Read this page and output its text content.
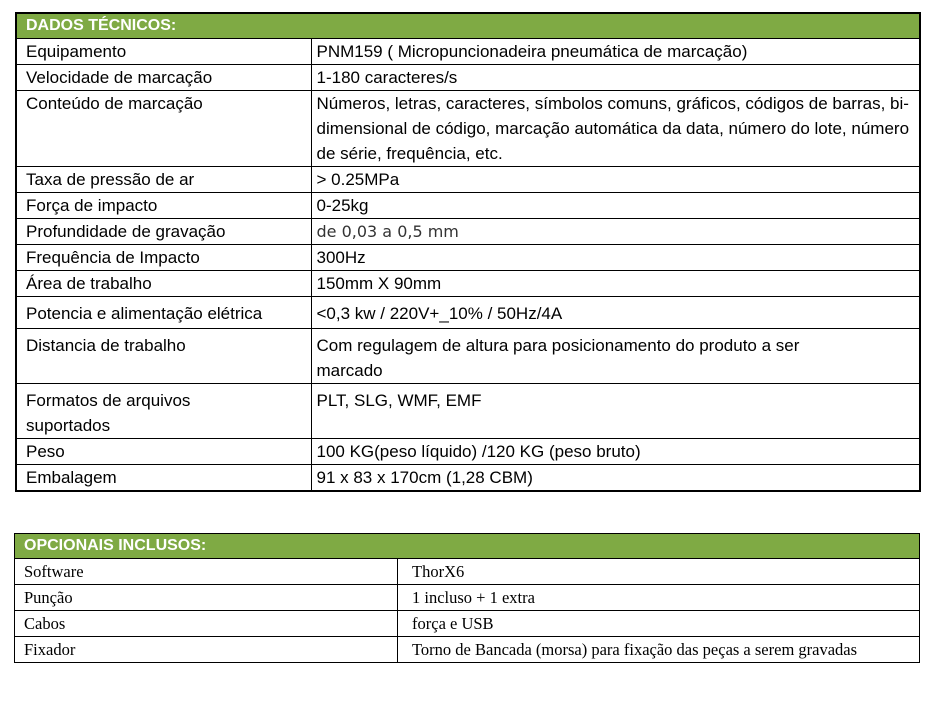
DADOS TÉCNICOS:	
Equipamento	PNM159 ( Micropuncionadeira pneumática de marcação)
Velocidade de marcação	1-180 caracteres/s
Conteúdo de marcação	Números, letras, caracteres, símbolos comuns, gráficos, códigos de barras, bi-dimensional de código, marcação automática da data, número do lote, número de série, frequência, etc.
Taxa de pressão de ar	> 0.25MPa
Força de impacto	0-25kg
Profundidade de gravação	de 0,03 a 0,5 mm
Frequência de Impacto	300Hz
Área de trabalho	150mm X 90mm
Potencia e alimentação elétrica	<0,3 kw / 220V+_10% / 50Hz/4A
Distancia de trabalho	Com regulagem de altura para posicionamento do produto a ser marcado
Formatos de arquivos suportados	PLT, SLG, WMF, EMF
Peso	100 KG(peso líquido) /120 KG (peso bruto)
Embalagem	91 x 83 x 170cm (1,28 CBM)
OPCIONAIS INCLUSOS:	
Software	ThorX6
Punção	1 incluso + 1 extra
Cabos	força e USB
Fixador	Torno de Bancada (morsa) para fixação das peças a serem gravadas
